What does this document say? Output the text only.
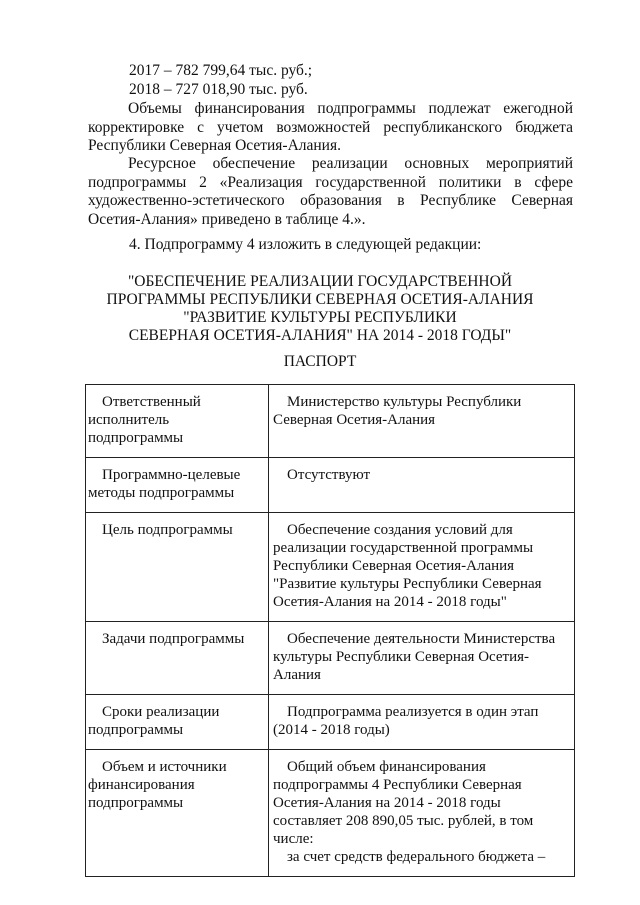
2017 – 782 799,64 тыс. руб.;
2018 – 727 018,90 тыс. руб.
Объемы финансирования подпрограммы подлежат ежегодной корректировке с учетом возможностей республиканского бюджета Республики Северная Осетия-Алания.
Ресурсное обеспечение реализации основных мероприятий подпрограммы 2 «Реализация государственной политики в сфере художественно-эстетического образования в Республике Северная Осетия-Алания» приведено в таблице 4.».
4. Подпрограмму 4 изложить в следующей редакции:
"ОБЕСПЕЧЕНИЕ РЕАЛИЗАЦИИ ГОСУДАРСТВЕННОЙ
ПРОГРАММЫ РЕСПУБЛИКИ СЕВЕРНАЯ ОСЕТИЯ-АЛАНИЯ
"РАЗВИТИЕ КУЛЬТУРЫ РЕСПУБЛИКИ
СЕВЕРНАЯ ОСЕТИЯ-АЛАНИЯ" НА 2014 - 2018 ГОДЫ"
ПАСПОРТ
Ответственный исполнитель подпрограммы	Министерство культуры Республики Северная Осетия-Алания
Программно-целевые методы подпрограммы	Отсутствуют
Цель подпрограммы	Обеспечение создания условий для реализации государственной программы Республики Северная Осетия-Алания "Развитие культуры Республики Северная Осетия-Алания на 2014 - 2018 годы"
Задачи подпрограммы	Обеспечение деятельности Министерства культуры Республики Северная Осетия-Алания
Сроки реализации подпрограммы	Подпрограмма реализуется в один этап (2014 - 2018 годы)
Объем и источники финансирования подпрограммы	Общий объем финансирования подпрограммы 4 Республики Северная Осетия-Алания на 2014 - 2018 годы составляет 208 890,05 тыс. рублей, в том числе:
за счет средств федерального бюджета –
